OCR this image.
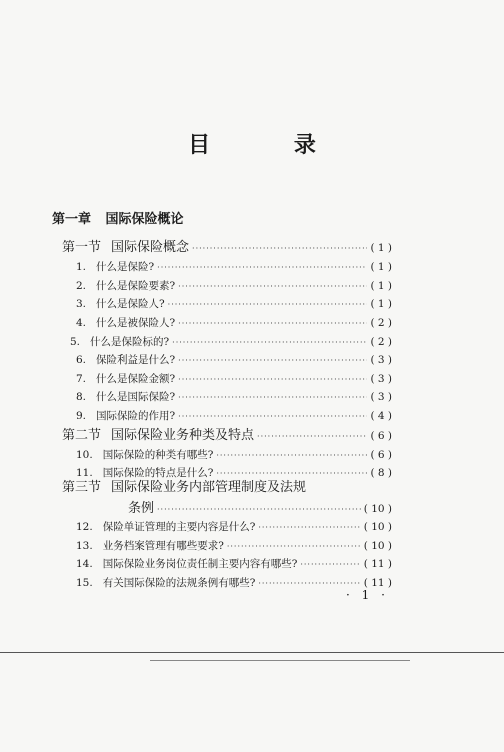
目 录
第一章 国际保险概论
第一节 国际保险概念 ·····	( 1 )
1. 什么是保险? ·····	( 1 )
2. 什么是保险要素? ·····	( 1 )
3. 什么是保险人? ·····	( 1 )
4. 什么是被保险人? ·····	( 2 )
5. 什么是保险标的? ·····	( 2 )
6. 保险利益是什么? ·····	( 3 )
7. 什么是保险金额? ·····	( 3 )
8. 什么是国际保险? ·····	( 3 )
9. 国际保险的作用? ·····	( 4 )
第二节 国际保险业务种类及特点 ·····	( 6 )
10. 国际保险的种类有哪些? ·····	( 6 )
11. 国际保险的特点是什么? ·····	( 8 )
第三节 国际保险业务内部管理制度及法规
条例 ·····	( 10 )
12. 保险单证管理的主要内容是什么? ·····	( 10 )
13. 业务档案管理有哪些要求? ·····	( 10 )
14. 国际保险业务岗位责任制主要内容有哪些? ·····	( 11 )
15. 有关国际保险的法规条例有哪些? ·····	( 11 )
· 1 ·
